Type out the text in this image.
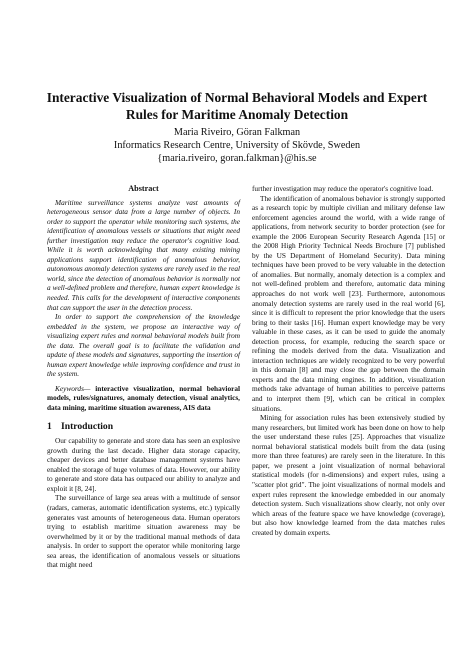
Interactive Visualization of Normal Behavioral Models and Expert Rules for Maritime Anomaly Detection
Maria Riveiro, Göran Falkman
Informatics Research Centre, University of Skövde, Sweden
{maria.riveiro, goran.falkman}@his.se
Abstract

Maritime surveillance systems analyze vast amounts of heterogeneous sensor data from a large number of objects. In order to support the operator while monitoring such systems, the identification of anomalous vessels or situations that might need further investigation may reduce the operator's cognitive load. While it is worth acknowledging that many existing mining applications support identification of anomalous behavior, autonomous anomaly detection systems are rarely used in the real world, since the detection of anomalous behavior is normally not a well-defined problem and therefore, human expert knowledge is needed. This calls for the development of interactive components that can support the user in the detection process.

In order to support the comprehension of the knowledge embedded in the system, we propose an interactive way of visualizing expert rules and normal behavioral models built from the data. The overall goal is to facilitate the validation and update of these models and signatures, supporting the insertion of human expert knowledge while improving confidence and trust in the system.

Keywords— interactive visualization, normal behavioral models, rules/signatures, anomaly detection, visual analytics, data mining, maritime situation awareness, AIS data

1 Introduction

Our capability to generate and store data has seen an explosive growth during the last decade. Higher data storage capacity, cheaper devices and better database management systems have enabled the storage of huge volumes of data. However, our ability to generate and store data has outpaced our ability to analyze and exploit it [8, 24].

The surveillance of large sea areas with a multitude of sensor (radars, cameras, automatic identification systems, etc.) typically generates vast amounts of heterogeneous data. Human operators trying to establish maritime situation awareness may be overwhelmed by it or by the traditional manual methods of data analysis. In order to support the operator while monitoring large sea areas, the identification of anomalous vessels or situations that might need

further investigation may reduce the operator's cognitive load.

The identification of anomalous behavior is strongly supported as a research topic by multiple civilian and military defense law enforcement agencies around the world, with a wide range of applications, from network security to border protection (see for example the 2006 European Security Research Agenda [15] or the 2008 High Priority Technical Needs Brochure [7] published by the US Department of Homeland Security). Data mining techniques have been proved to be very valuable in the detection of anomalies. But normally, anomaly detection is a complex and not well-defined problem and therefore, automatic data mining approaches do not work well [23]. Furthermore, autonomous anomaly detection systems are rarely used in the real world [6], since it is difficult to represent the prior knowledge that the users bring to their tasks [16]. Human expert knowledge may be very valuable in these cases, as it can be used to guide the anomaly detection process, for example, reducing the search space or refining the models derived from the data. Visualization and interaction techniques are widely recognized to be very powerful in this domain [8] and may close the gap between the domain experts and the data mining engines. In addition, visualization methods take advantage of human abilities to perceive patterns and to interpret them [9], which can be critical in complex situations.

Mining for association rules has been extensively studied by many researchers, but limited work has been done on how to help the user understand these rules [25]. Approaches that visualize normal behavioral statistical models built from the data (using more than three features) are rarely seen in the literature. In this paper, we present a joint visualization of normal behavioral statistical models (for n-dimensions) and expert rules, using a "scatter plot grid". The joint visualizations of normal models and expert rules represent the knowledge embedded in our anomaly detection system. Such visualizations show clearly, not only over which areas of the feature space we have knowledge (coverage), but also how knowledge learned from the data matches rules created by domain experts.
